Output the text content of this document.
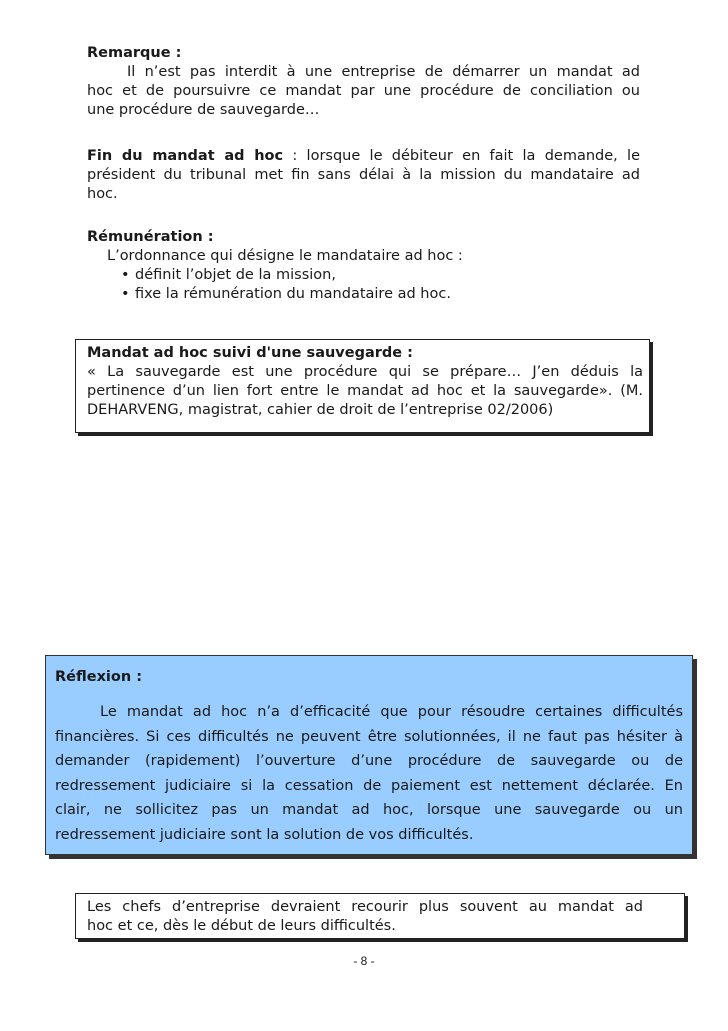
Remarque :
Il n’est pas interdit à une entreprise de démarrer un mandat ad
hoc et de poursuivre ce mandat par une procédure de conciliation ou
une procédure de sauvegarde…
Fin du mandat ad hoc : lorsque le débiteur en fait la demande, le
président du tribunal met fin sans délai à la mission du mandataire ad
hoc.
Rémunération :
L’ordonnance qui désigne le mandataire ad hoc :
• définit l’objet de la mission,
• fixe la rémunération du mandataire ad hoc.
Mandat ad hoc suivi d'une sauvegarde :
« La sauvegarde est une procédure qui se prépare… J’en déduis la
pertinence d’un lien fort entre le mandat ad hoc et la sauvegarde». (M.
DEHARVENG, magistrat, cahier de droit de l’entreprise 02/2006)
Réflexion :
Le mandat ad hoc n’a d’efficacité que pour résoudre certaines difficultés
financières. Si ces difficultés ne peuvent être solutionnées, il ne faut pas hésiter à
demander (rapidement) l’ouverture d’une procédure de sauvegarde ou de
redressement judiciaire si la cessation de paiement est nettement déclarée. En
clair, ne sollicitez pas un mandat ad hoc, lorsque une sauvegarde ou un
redressement judiciaire sont la solution de vos difficultés.
Les chefs d’entreprise devraient recourir plus souvent au mandat ad
hoc et ce, dès le début de leurs difficultés.
- 8 -
